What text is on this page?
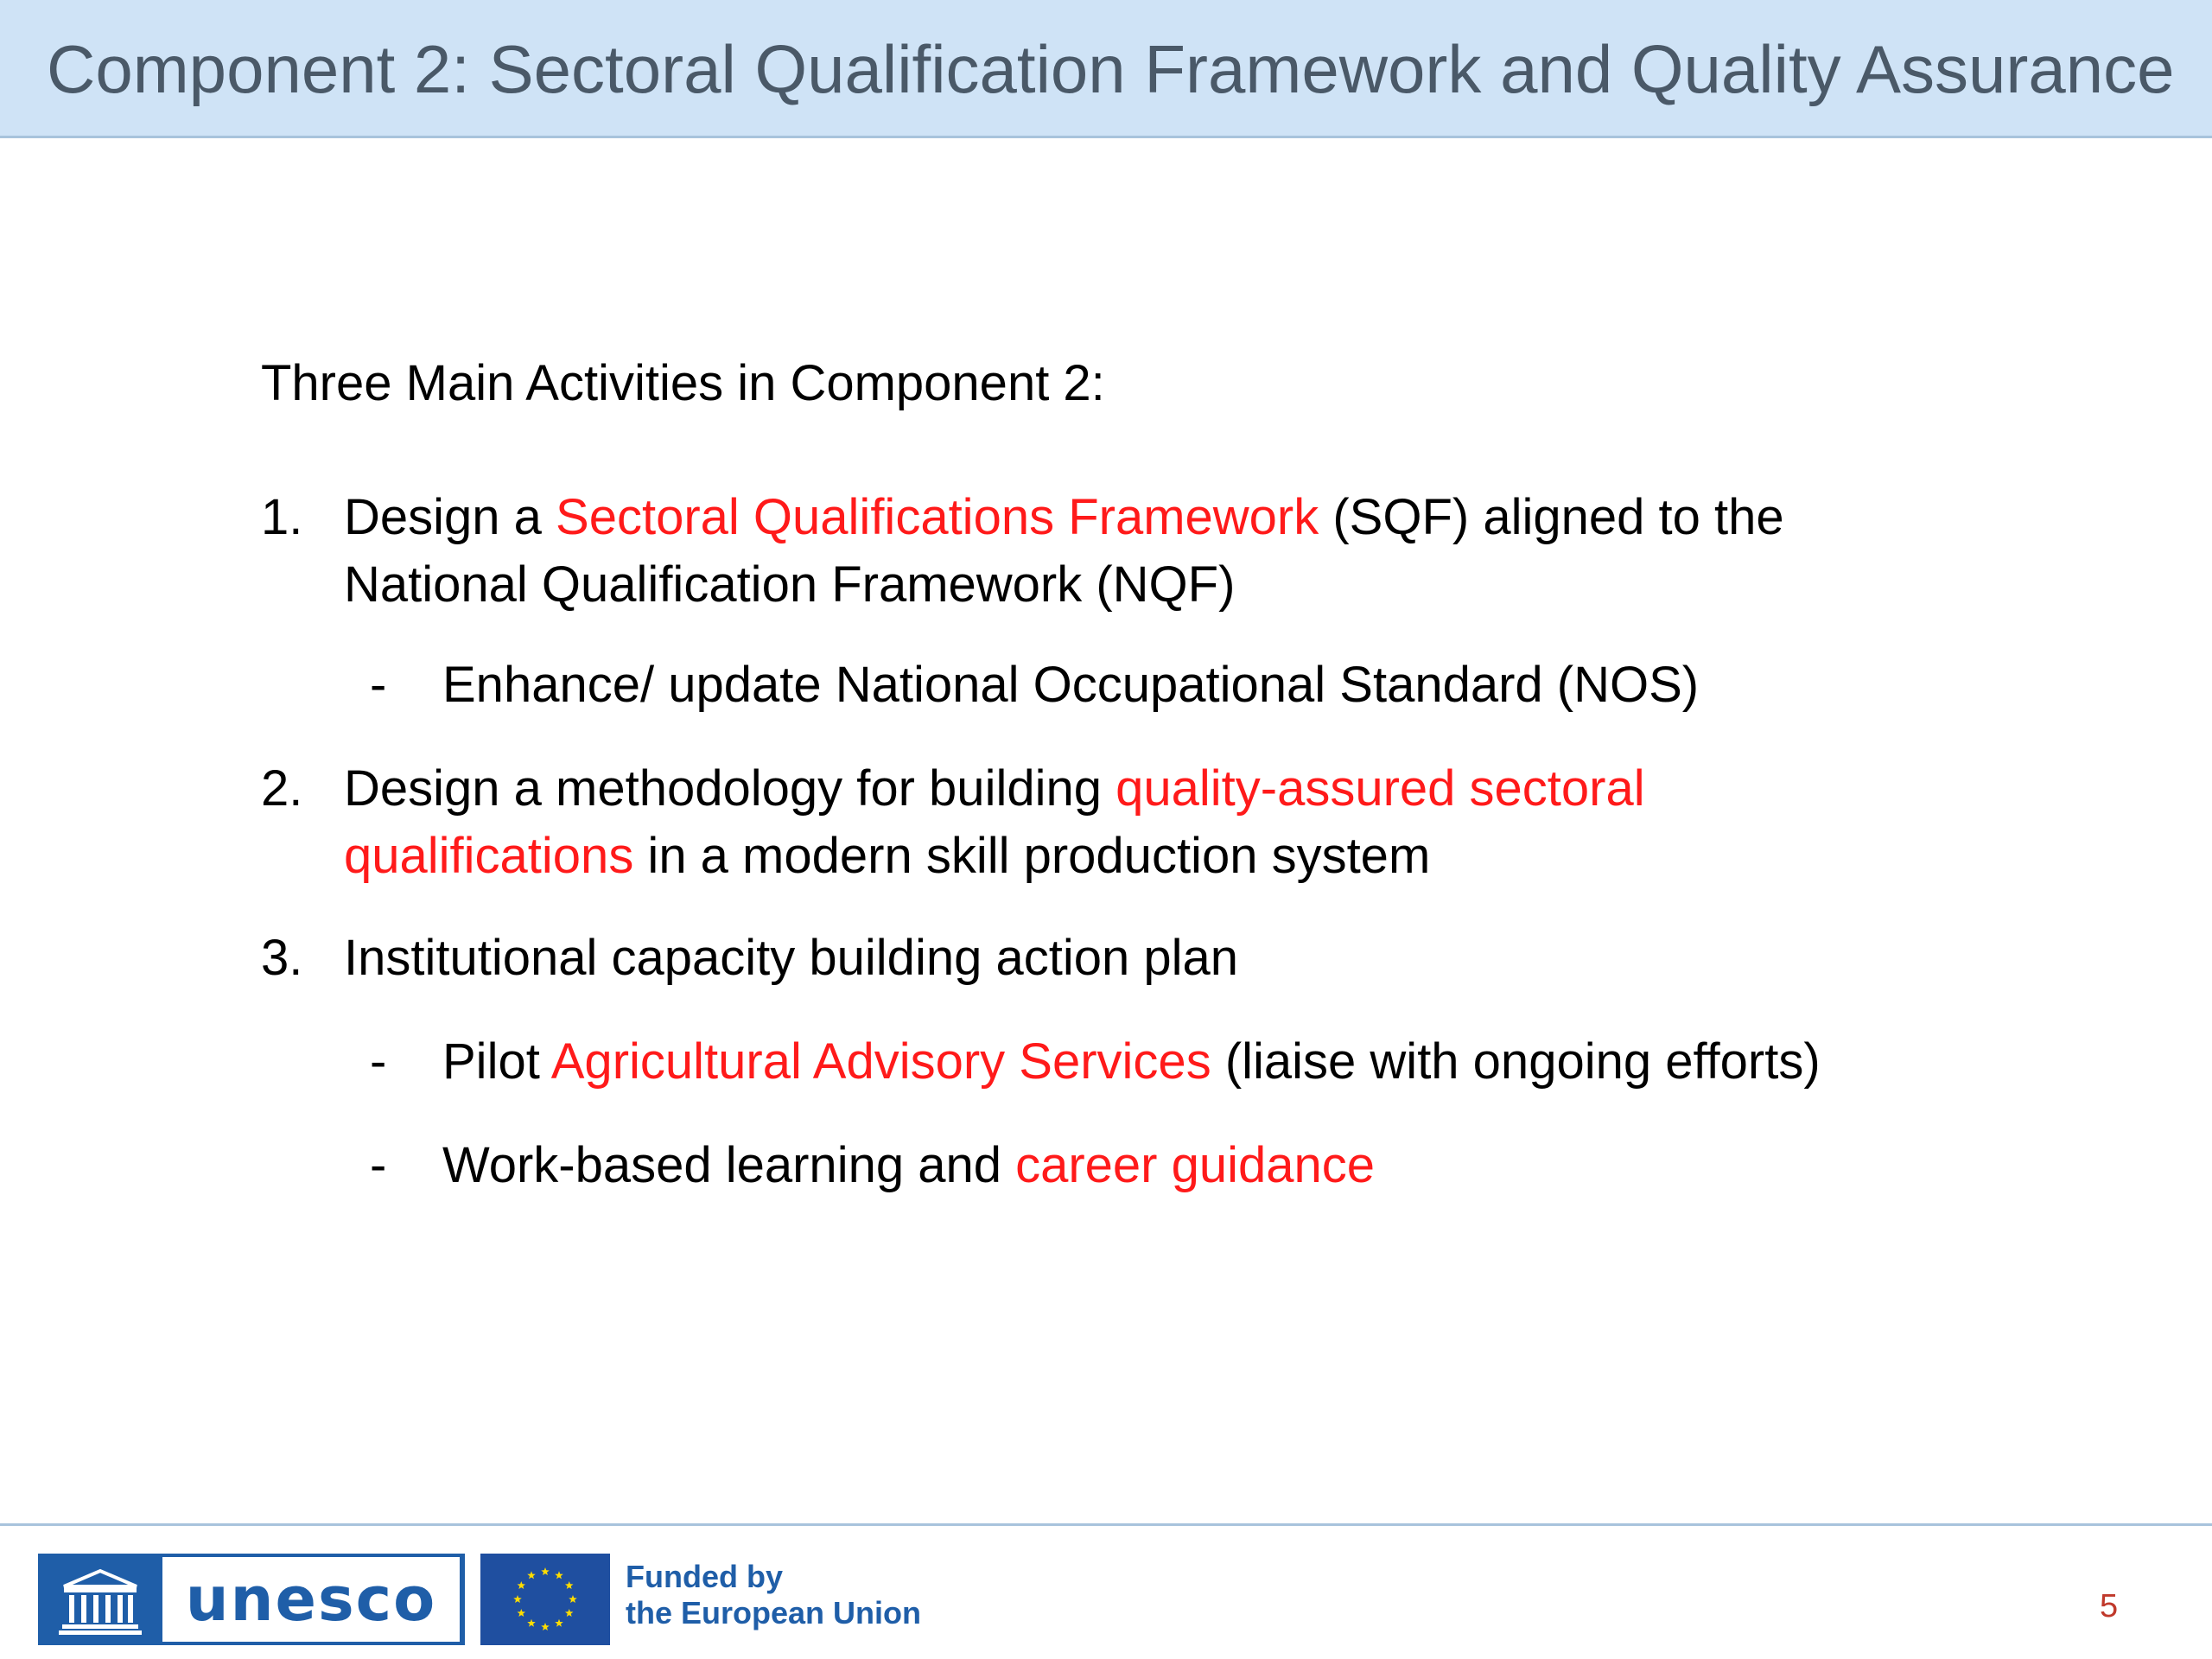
Component 2: Sectoral Qualification Framework and Quality Assurance
Three Main Activities in Component 2:
1. Design a Sectoral Qualifications Framework (SQF) aligned to the
National Qualification Framework (NQF)
- Enhance/ update National Occupational Standard (NOS)
2. Design a methodology for building quality-assured sectoral
qualifications in a modern skill production system
3. Institutional capacity building action plan
- Pilot Agricultural Advisory Services (liaise with ongoing efforts)
- Work-based learning and career guidance
unesco	Funded by
the European Union	5
